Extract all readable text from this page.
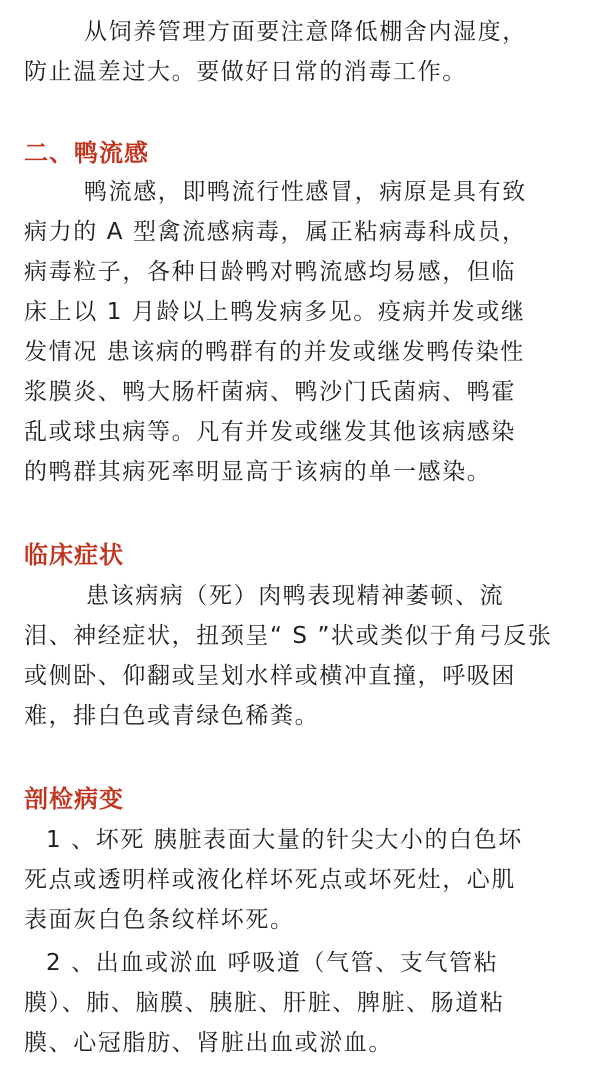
从饲养管理方面要注意降低棚舍内湿度，
防止温差过大。要做好日常的消毒工作。
二、鸭流感
鸭流感，即鸭流行性感冒，病原是具有致
病力的 A 型禽流感病毒，属正粘病毒科成员，
病毒粒子，各种日龄鸭对鸭流感均易感，但临
床上以 1 月龄以上鸭发病多见。疫病并发或继
发情况 患该病的鸭群有的并发或继发鸭传染性
浆膜炎、鸭大肠杆菌病、鸭沙门氏菌病、鸭霍
乱或球虫病等。凡有并发或继发其他该病感染
的鸭群其病死率明显高于该病的单一感染。
临床症状
患该病病（死）肉鸭表现精神萎顿、流
泪、神经症状，扭颈呈“ S ”状或类似于角弓反张
或侧卧、仰翻或呈划水样或横冲直撞，呼吸困
难，排白色或青绿色稀粪。
剖检病变
1 、坏死 胰脏表面大量的针尖大小的白色坏
死点或透明样或液化样坏死点或坏死灶，心肌
表面灰白色条纹样坏死。
2 、出血或淤血 呼吸道（气管、支气管粘
膜）、肺、脑膜、胰脏、肝脏、脾脏、肠道粘
膜、心冠脂肪、肾脏出血或淤血。
